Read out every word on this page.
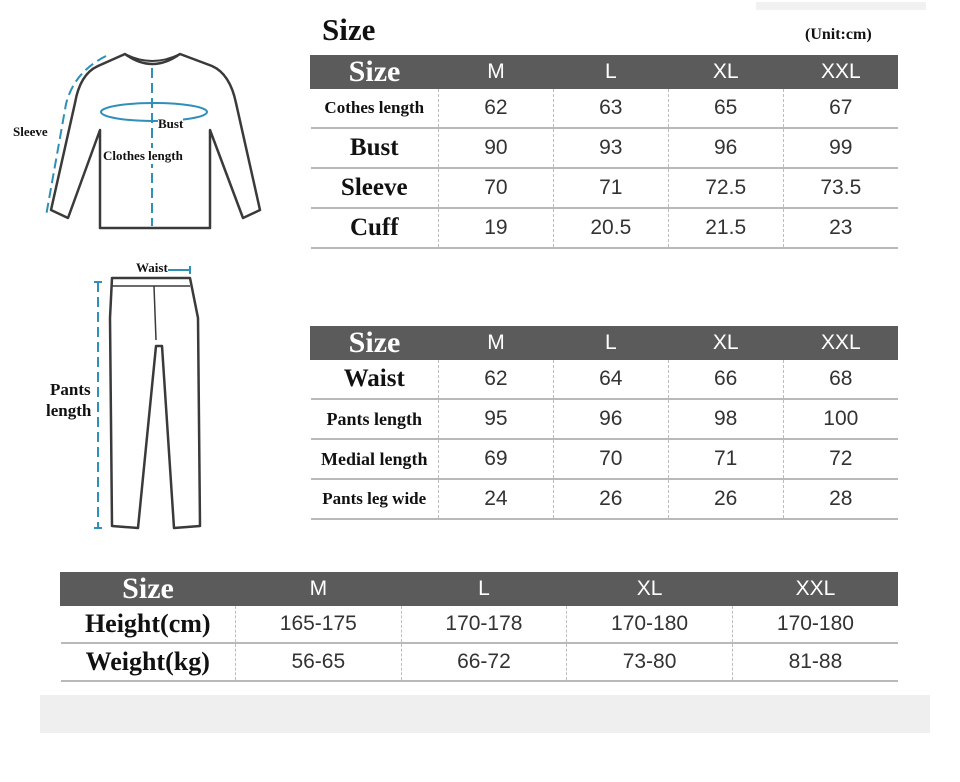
Size	(Unit:cm)
Sleeve
Bust
Clothes length
Waist
Pants
length
Size	M	L	XL	XXL
Cothes length	62	63	65	67
Bust	90	93	96	99
Sleeve	70	71	72.5	73.5
Cuff	19	20.5	21.5	23
Size	M	L	XL	XXL
Waist	62	64	66	68
Pants length	95	96	98	100
Medial length	69	70	71	72
Pants leg wide	24	26	26	28
Size	M	L	XL	XXL
Height(cm)	165-175	170-178	170-180	170-180
Weight(kg)	56-65	66-72	73-80	81-88
